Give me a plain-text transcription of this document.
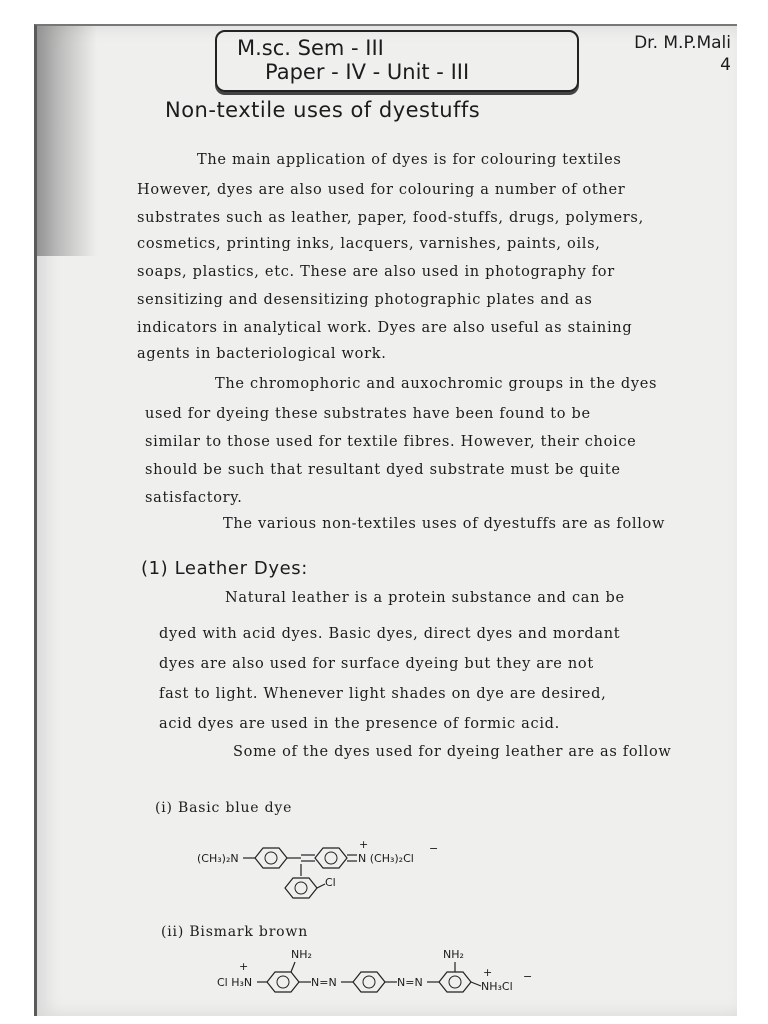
M.sc. Sem - III
Paper - IV - Unit - III
Dr. M.P.Mali
4
Non-textile uses of dyestuffs
The main application of dyes is for colouring textiles
However, dyes are also used for colouring a number of other
substrates such as leather, paper, food-stuffs, drugs, polymers,
cosmetics, printing inks, lacquers, varnishes, paints, oils,
soaps, plastics, etc. These are also used in photography for
sensitizing and desensitizing photographic plates and as
indicators in analytical work. Dyes are also useful as staining
agents in bacteriological work.
The chromophoric and auxochromic groups in the dyes
used for dyeing these substrates have been found to be
similar to those used for textile fibres. However, their choice
should be such that resultant dyed substrate must be quite
satisfactory.
The various non-textiles uses of dyestuffs are as follow
(1) Leather Dyes:
Natural leather is a protein substance and can be
dyed with acid dyes. Basic dyes, direct dyes and mordant
dyes are also used for surface dyeing but they are not
fast to light. Whenever light shades on dye are desired,
acid dyes are used in the presence of formic acid.
Some of the dyes used for dyeing leather are as follow
(i) Basic blue dye
(CH₃)₂N	N (CH₃)₂Cl
+	−
Cl
(ii) Bismark brown
Cl H₃N
+
NH₂
N=N	N=N
NH₂
NH₃Cl
+	−
